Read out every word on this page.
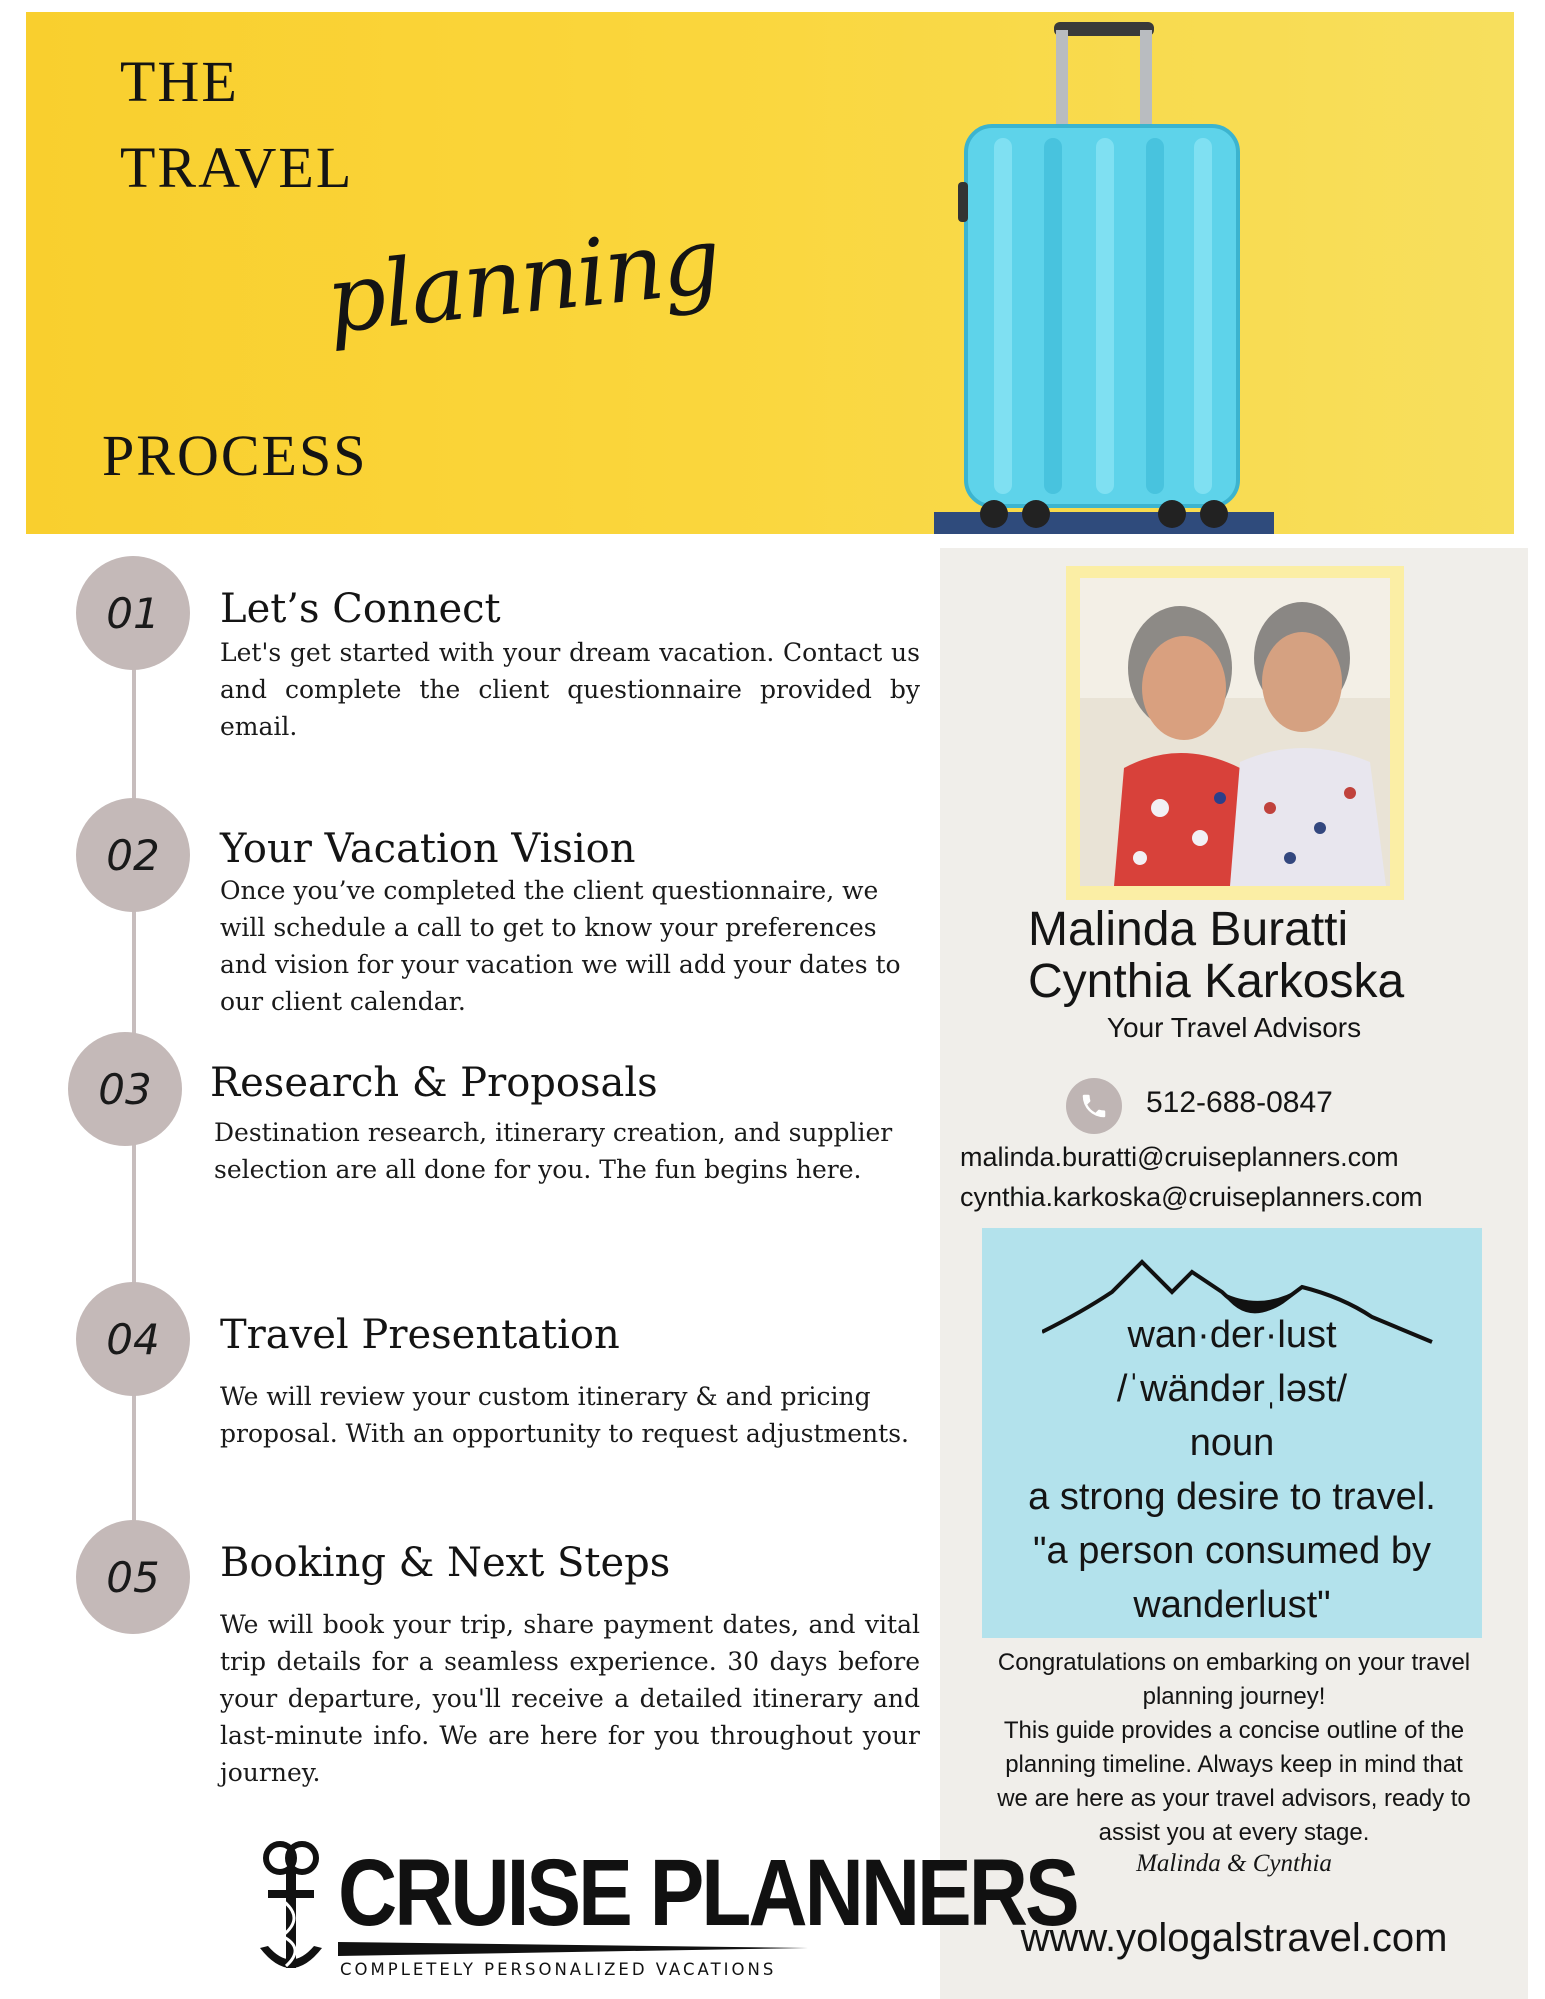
THE
TRAVEL
planning
PROCESS
01	Let’s Connect
Let's get started with your dream vacation. Contact us and complete the client questionnaire provided by email.
02	Your Vacation Vision
Once you’ve completed the client questionnaire, we will schedule a call to get to know your preferences and vision for your vacation we will add your dates to our client calendar.
03	Research & Proposals
Destination research, itinerary creation, and supplier selection are all done for you. The fun begins here.
04	Travel Presentation
We will review your custom itinerary & and pricing proposal. With an opportunity to request adjustments.
05	Booking & Next Steps
We will book your trip, share payment dates, and vital trip details for a seamless experience. 30 days before your departure, you'll receive a detailed itinerary and last-minute info. We are here for you throughout your journey.
Malinda Buratti
Cynthia Karkoska
Your Travel Advisors
512-688-0847
malinda.buratti@cruiseplanners.com
cynthia.karkoska@cruiseplanners.com
wan·der·lust
/ˈwändərˌləst/
noun
a strong desire to travel.
"a person consumed by
wanderlust"
Congratulations on embarking on your travel
planning journey!
This guide provides a concise outline of the
planning timeline. Always keep in mind that
we are here as your travel advisors, ready to
assist you at every stage.
Malinda & Cynthia
www.yologalstravel.com
CRUISE PLANNERS
COMPLETELY PERSONALIZED VACATIONS
